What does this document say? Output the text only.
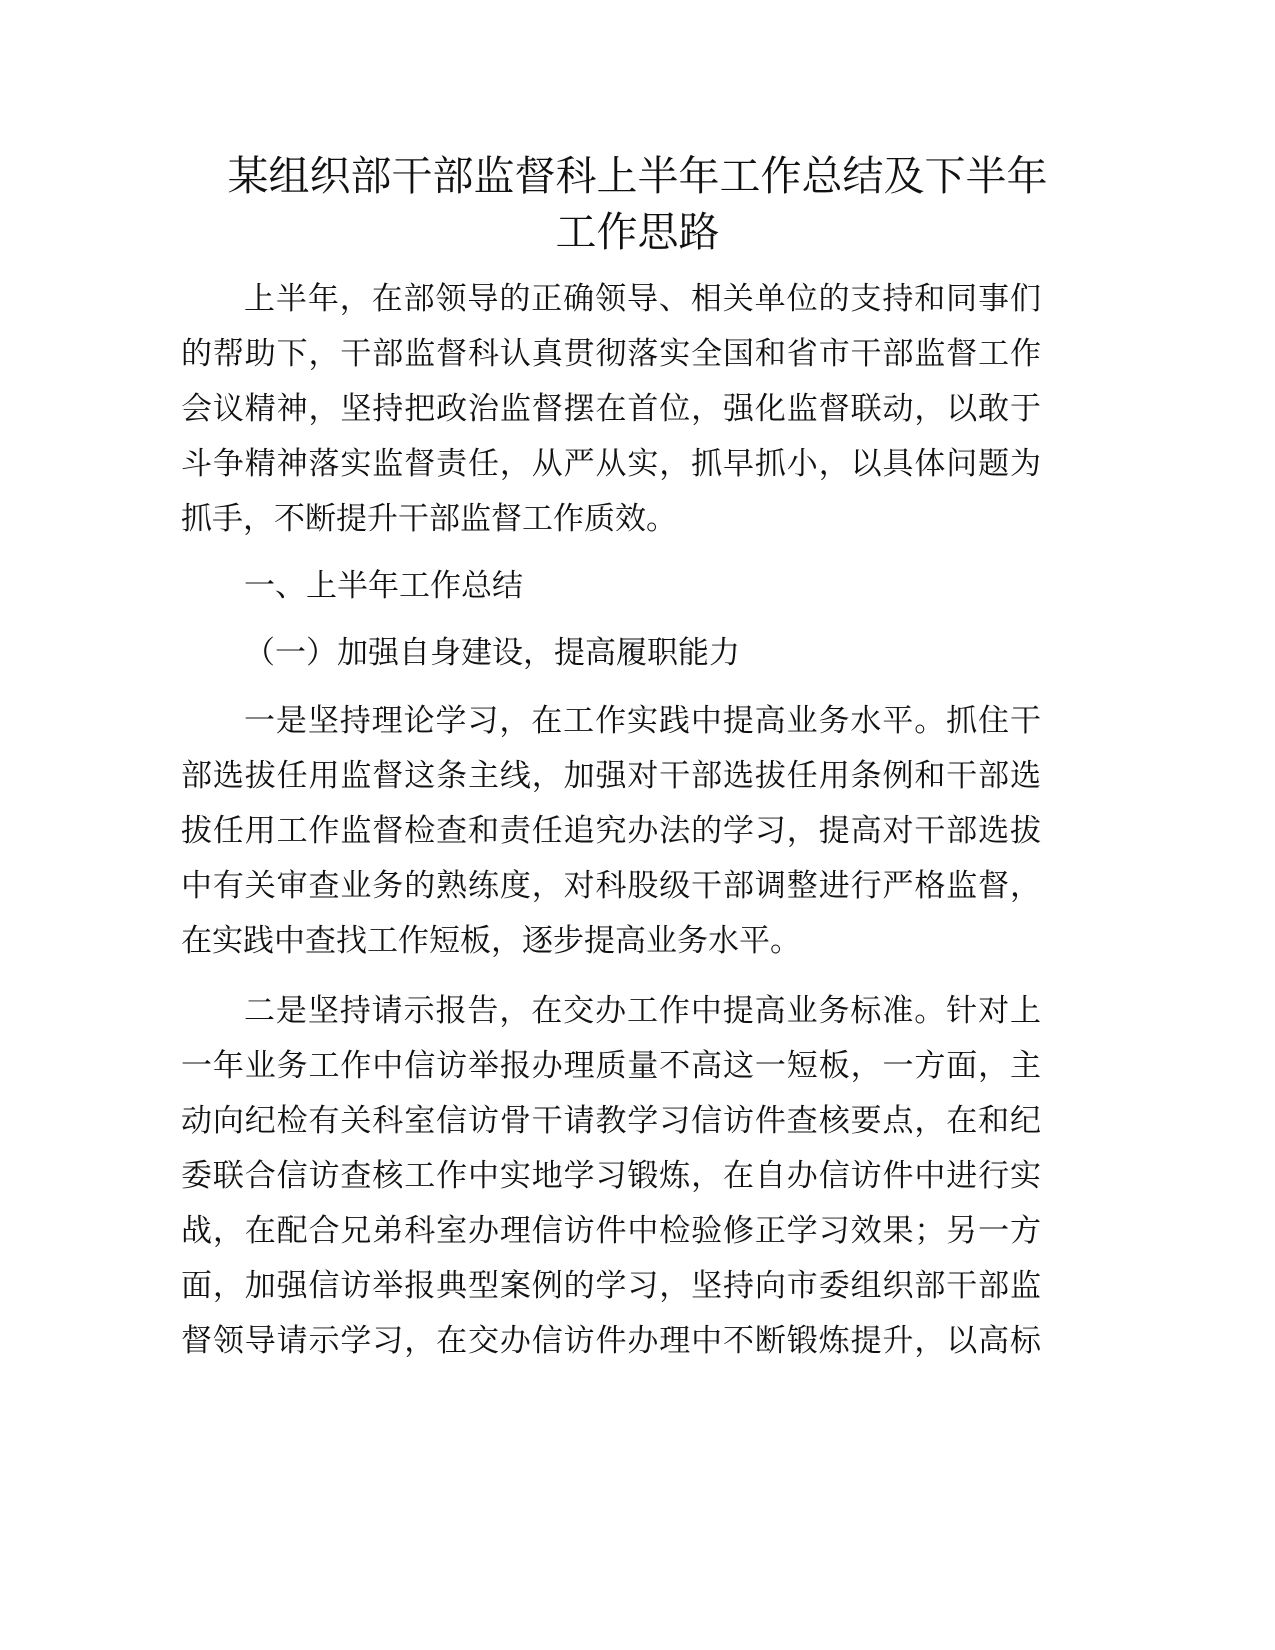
某组织部干部监督科上半年工作总结及下半年
工作思路
上半年，在部领导的正确领导、相关单位的支持和同事们
的帮助下，干部监督科认真贯彻落实全国和省市干部监督工作
会议精神，坚持把政治监督摆在首位，强化监督联动，以敢于
斗争精神落实监督责任，从严从实，抓早抓小，以具体问题为
抓手，不断提升干部监督工作质效。
一、上半年工作总结
（一）加强自身建设，提高履职能力
一是坚持理论学习，在工作实践中提高业务水平。抓住干
部选拔任用监督这条主线，加强对干部选拔任用条例和干部选
拔任用工作监督检查和责任追究办法的学习，提高对干部选拔
中有关审查业务的熟练度，对科股级干部调整进行严格监督，
在实践中查找工作短板，逐步提高业务水平。
二是坚持请示报告，在交办工作中提高业务标准。针对上
一年业务工作中信访举报办理质量不高这一短板，一方面，主
动向纪检有关科室信访骨干请教学习信访件查核要点，在和纪
委联合信访查核工作中实地学习锻炼，在自办信访件中进行实
战，在配合兄弟科室办理信访件中检验修正学习效果；另一方
面，加强信访举报典型案例的学习，坚持向市委组织部干部监
督领导请示学习，在交办信访件办理中不断锻炼提升，以高标
